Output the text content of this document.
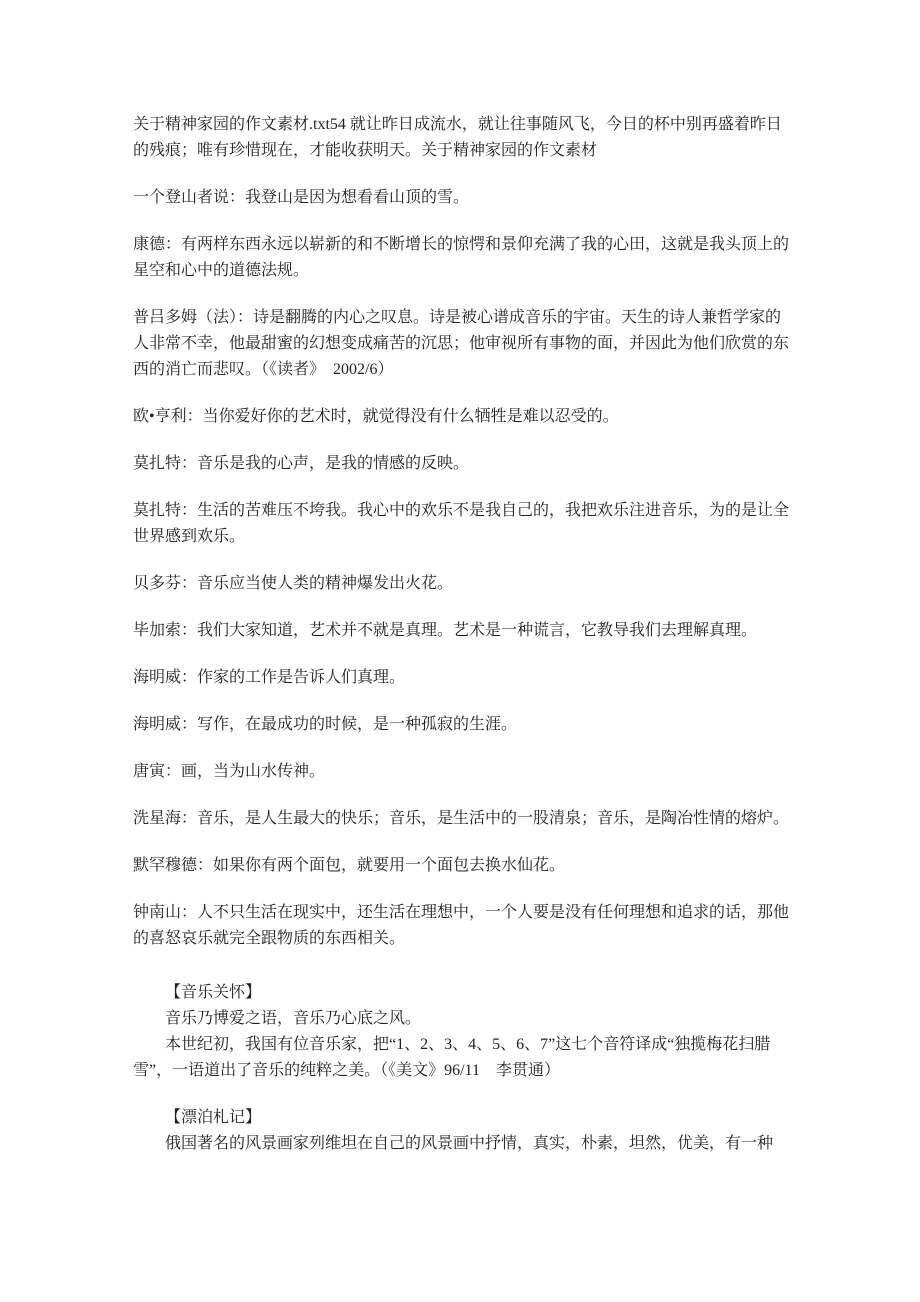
关于精神家园的作文素材.txt54 就让昨日成流水，就让往事随风飞，今日的杯中别再盛着昨日的残痕；唯有珍惜现在，才能收获明天。关于精神家园的作文素材

一个登山者说：我登山是因为想看看山顶的雪。

康德：有两样东西永远以崭新的和不断增长的惊愕和景仰充满了我的心田，这就是我头顶上的星空和心中的道德法规。

普吕多姆（法）：诗是翻腾的内心之叹息。诗是被心谱成音乐的宇宙。天生的诗人兼哲学家的人非常不幸，他最甜蜜的幻想变成痛苦的沉思；他审视所有事物的面，并因此为他们欣赏的东西的消亡而悲叹。（《读者》　2002/6）

欧•亨利：当你爱好你的艺术时，就觉得没有什么牺牲是难以忍受的。

莫扎特：音乐是我的心声，是我的情感的反映。

莫扎特：生活的苦难压不垮我。我心中的欢乐不是我自己的，我把欢乐注进音乐，为的是让全世界感到欢乐。

贝多芬：音乐应当使人类的精神爆发出火花。

毕加索：我们大家知道，艺术并不就是真理。艺术是一种谎言，它教导我们去理解真理。

海明威：作家的工作是告诉人们真理。

海明威：写作，在最成功的时候，是一种孤寂的生涯。

唐寅：画，当为山水传神。

洗星海：音乐，是人生最大的快乐；音乐，是生活中的一股清泉；音乐，是陶冶性情的熔炉。

默罕穆德：如果你有两个面包，就要用一个面包去换水仙花。

钟南山：人不只生活在现实中，还生活在理想中，一个人要是没有任何理想和追求的话，那他的喜怒哀乐就完全跟物质的东西相关。

【音乐关怀】

音乐乃博爱之语，音乐乃心底之风。

本世纪初，我国有位音乐家，把“1、2、3、4、5、6、7”这七个音符译成“独揽梅花扫腊雪”，一语道出了音乐的纯粹之美。（《美文》96/11　李贯通）

【漂泊札记】

俄国著名的风景画家列维坦在自己的风景画中抒情，真实，朴素，坦然，优美，有一种
